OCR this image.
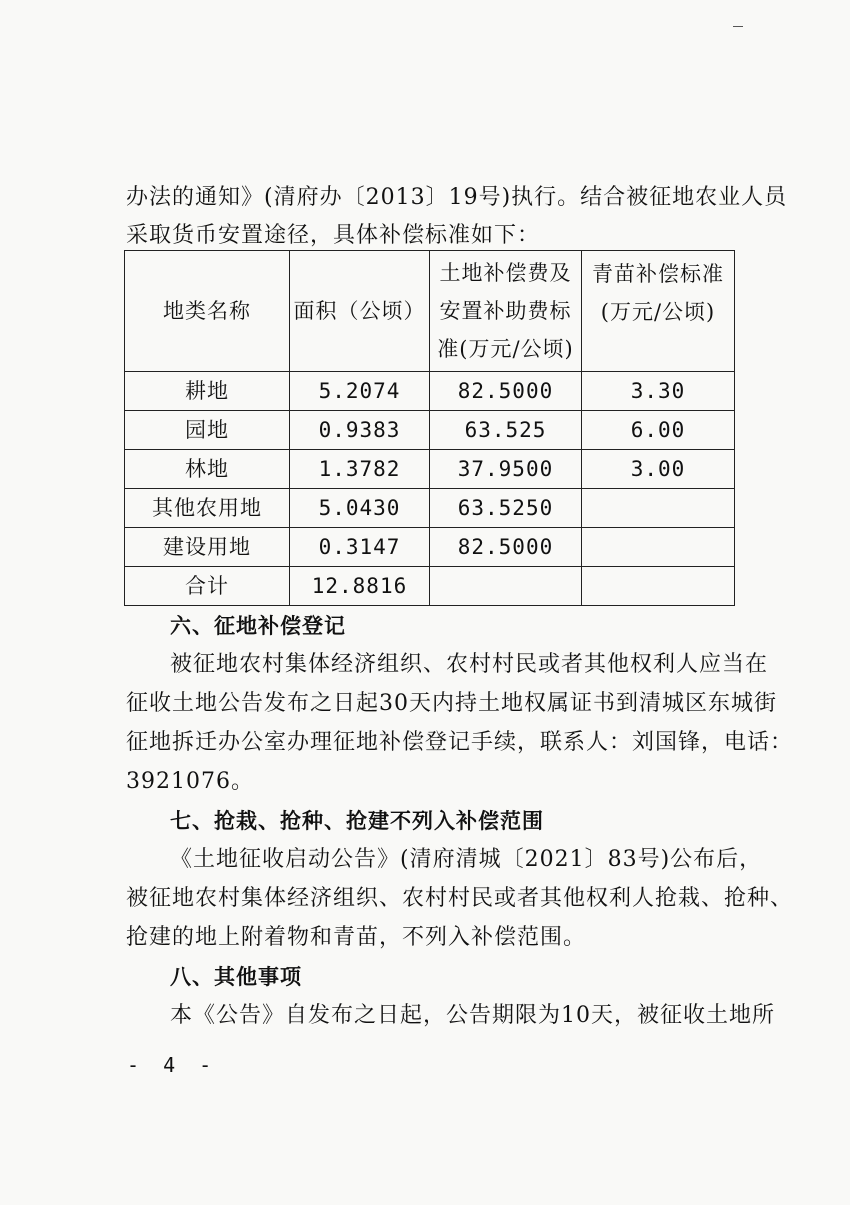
办法的通知》(清府办〔2013〕19号)执行。结合被征地农业人员
采取货币安置途径，具体补偿标准如下：
地类名称	面积（公顷）	土地补偿费及安置补助费标准(万元/公顷)	青苗补偿标准(万元/公顷)

耕地	5.2074	82.5000	3.30
园地	0.9383	63.525	6.00
林地	1.3782	37.9500	3.00
其他农用地	5.0430	63.5250	
建设用地	0.3147	82.5000	
合计	12.8816		
六、征地补偿登记
被征地农村集体经济组织、农村村民或者其他权利人应当在
征收土地公告发布之日起30天内持土地权属证书到清城区东城街
征地拆迁办公室办理征地补偿登记手续，联系人：刘国锋，电话：
3921076。
七、抢栽、抢种、抢建不列入补偿范围
《土地征收启动公告》(清府清城〔2021〕83号)公布后，
被征地农村集体经济组织、农村村民或者其他权利人抢栽、抢种、
抢建的地上附着物和青苗，不列入补偿范围。
八、其他事项
本《公告》自发布之日起，公告期限为10天，被征收土地所
- 4 -
